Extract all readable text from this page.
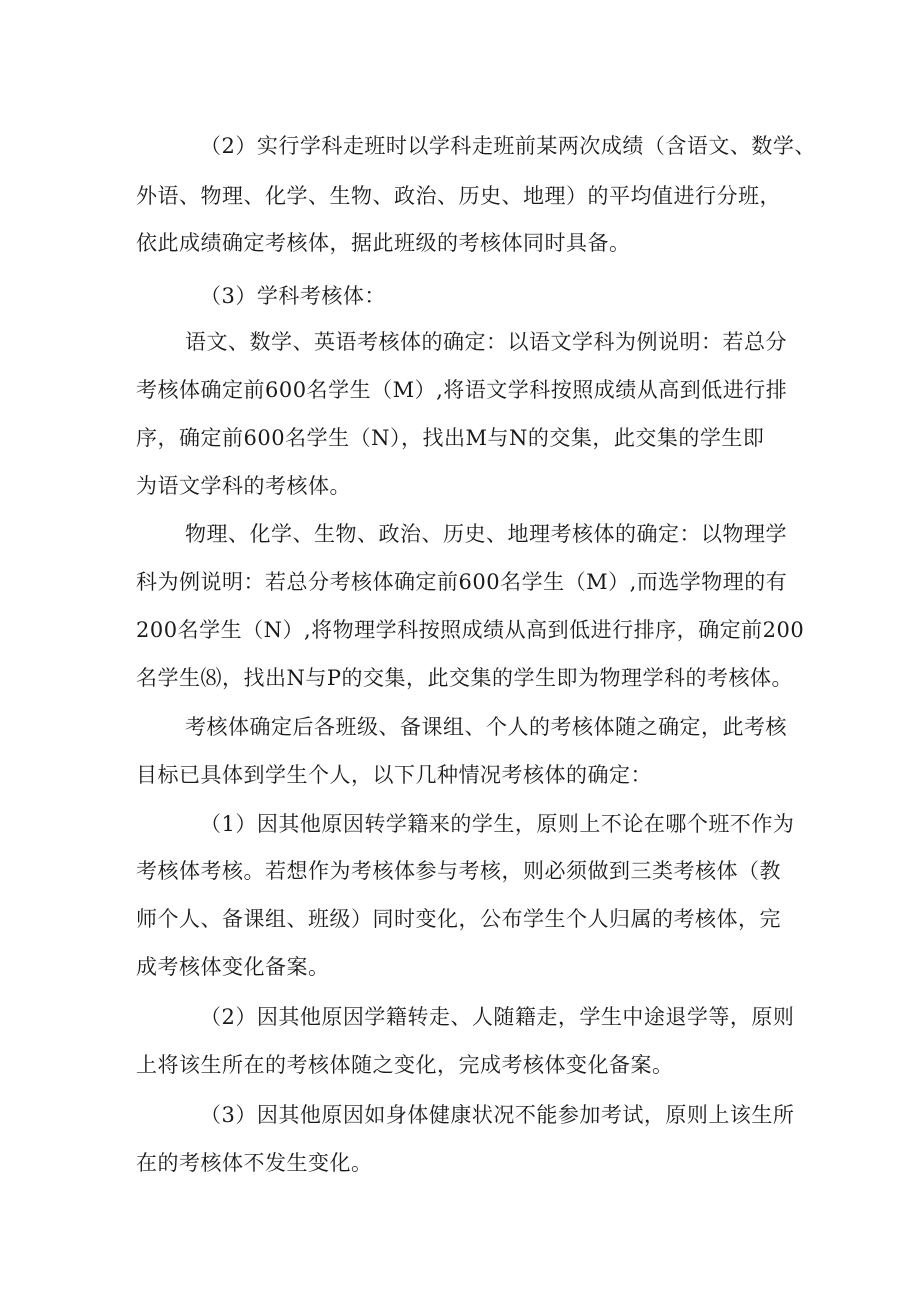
（2）实行学科走班时以学科走班前某两次成绩（含语文、数学、

外语、物理、化学、生物、政治、历史、地理）的平均值进行分班，

依此成绩确定考核体，据此班级的考核体同时具备。

（3）学科考核体：

语文、数学、英语考核体的确定：以语文学科为例说明：若总分

考核体确定前600名学生（M）,将语文学科按照成绩从高到低进行排

序，确定前600名学生（N），找出M与N的交集，此交集的学生即

为语文学科的考核体。

物理、化学、生物、政治、历史、地理考核体的确定：以物理学

科为例说明：若总分考核体确定前600名学生（M）,而选学物理的有

200名学生（N）,将物理学科按照成绩从高到低进行排序，确定前200

名学生⑻，找出N与P的交集，此交集的学生即为物理学科的考核体。

考核体确定后各班级、备课组、个人的考核体随之确定，此考核

目标已具体到学生个人，以下几种情况考核体的确定：

（1）因其他原因转学籍来的学生，原则上不论在哪个班不作为

考核体考核。若想作为考核体参与考核，则必须做到三类考核体（教

师个人、备课组、班级）同时变化，公布学生个人归属的考核体，完

成考核体变化备案。

（2）因其他原因学籍转走、人随籍走，学生中途退学等，原则

上将该生所在的考核体随之变化，完成考核体变化备案。

（3）因其他原因如身体健康状况不能参加考试，原则上该生所

在的考核体不发生变化。
